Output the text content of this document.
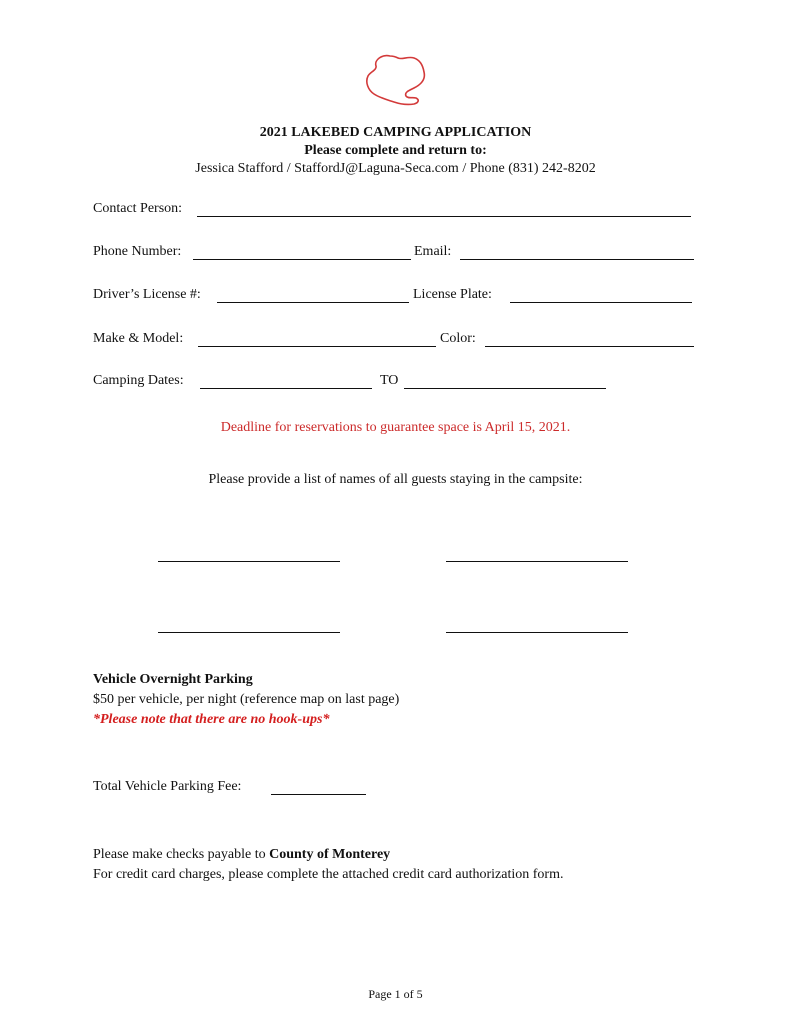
2021 LAKEBED CAMPING APPLICATION
Please complete and return to:
Jessica Stafford / StaffordJ@Laguna-Seca.com / Phone (831) 242-8202
Contact Person:
Phone Number:	Email:
Driver’s License #:	License Plate:
Make & Model:	Color:
Camping Dates:	TO
Deadline for reservations to guarantee space is April 15, 2021.
Please provide a list of names of all guests staying in the campsite:
Vehicle Overnight Parking
$50 per vehicle, per night (reference map on last page)
*Please note that there are no hook-ups*
Total Vehicle Parking Fee:
Please make checks payable to County of Monterey
For credit card charges, please complete the attached credit card authorization form.
Page 1 of 5
